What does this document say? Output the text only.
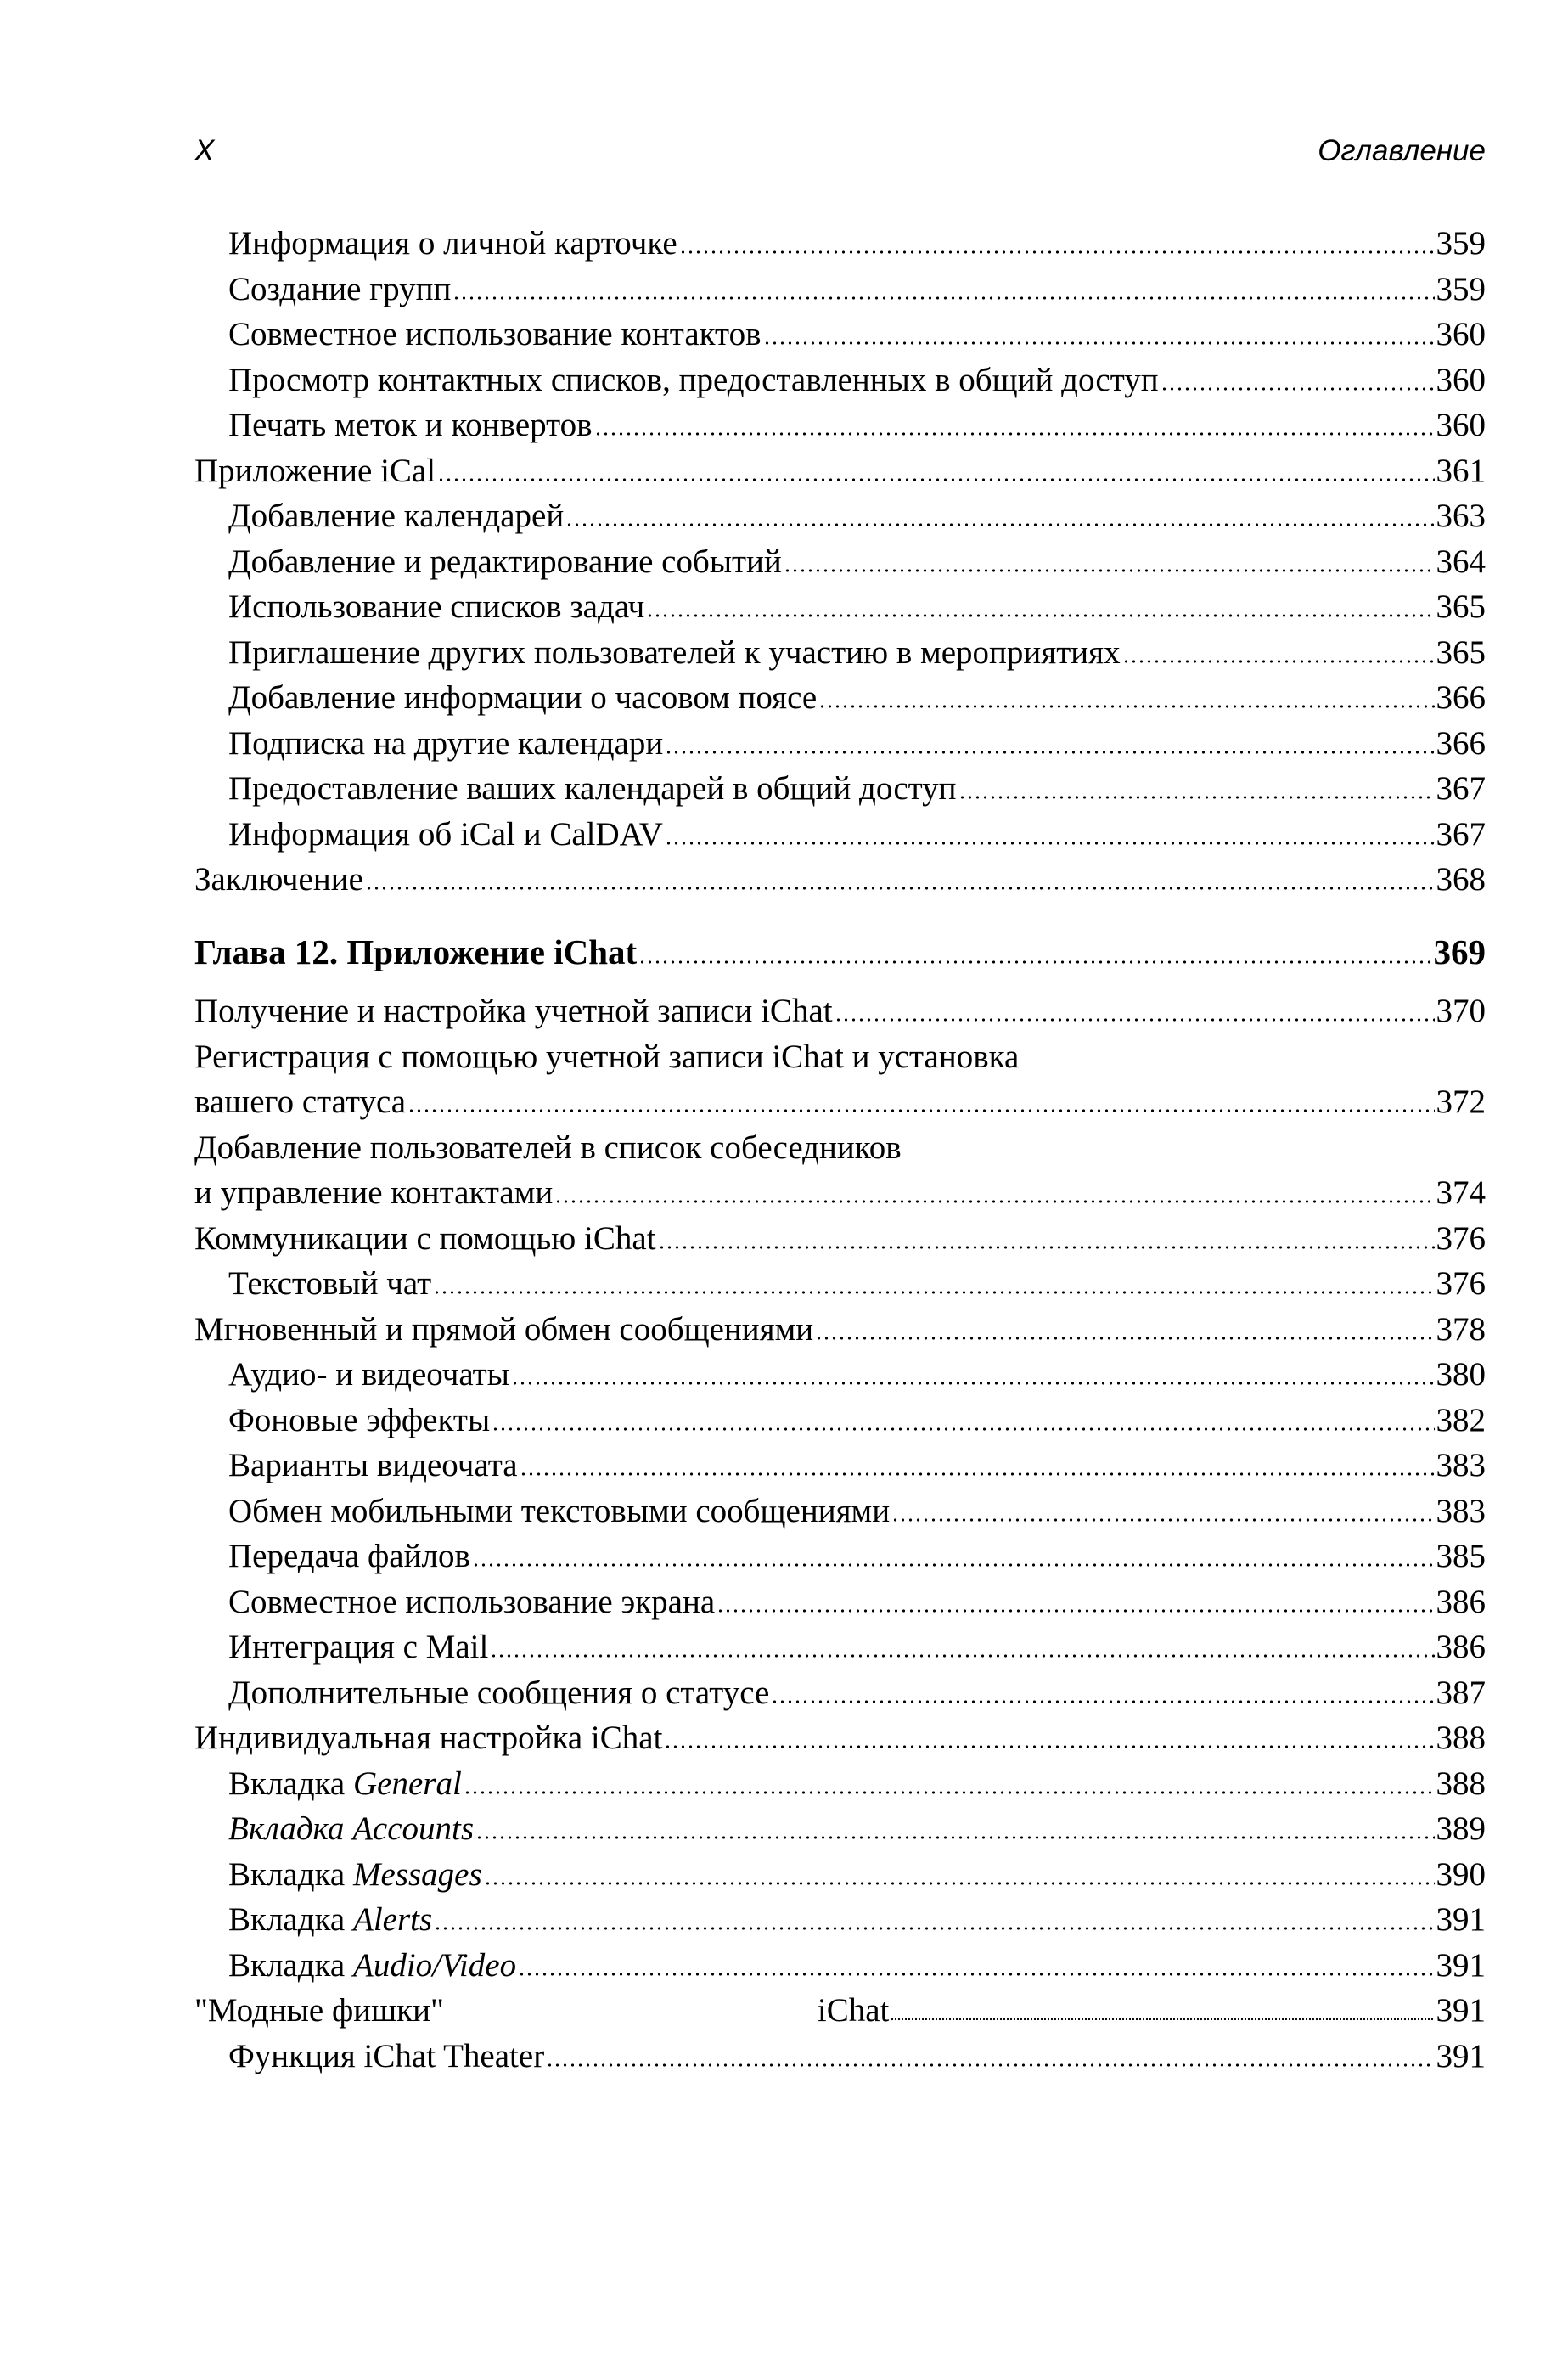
X	Оглавление
Информация о личной карточке	359
Создание групп	359
Совместное использование контактов	360
Просмотр контактных списков, предоставленных в общий доступ	360
Печать меток и конвертов	360
Приложение iCal	361
Добавление календарей	363
Добавление и редактирование событий	364
Использование списков задач	365
Приглашение других пользователей к участию в мероприятиях	365
Добавление информации о часовом поясе	366
Подписка на другие календари	366
Предоставление ваших календарей в общий доступ	367
Информация об iCal и CalDAV	367
Заключение	368
Глава 12. Приложение iChat	369
Получение и настройка учетной записи iChat	370
Регистрация с помощью учетной записи iChat и установка
вашего статуса	372
Добавление пользователей в список собеседников
и управление контактами	374
Коммуникации с помощью iChat	376
Текстовый чат	376
Мгновенный и прямой обмен сообщениями	378
Аудио- и видеочаты	380
Фоновые эффекты	382
Варианты видеочата	383
Обмен мобильными текстовыми сообщениями	383
Передача файлов	385
Совместное использование экрана	386
Интеграция с Mail	386
Дополнительные сообщения о статусе	387
Индивидуальная настройка iChat	388
Вкладка General	388
Вкладка Accounts	389
Вкладка Messages	390
Вкладка Alerts	391
Вкладка Audio/Video	391
"Модные фишки"	iChat	391
Функция iChat Theater	391
